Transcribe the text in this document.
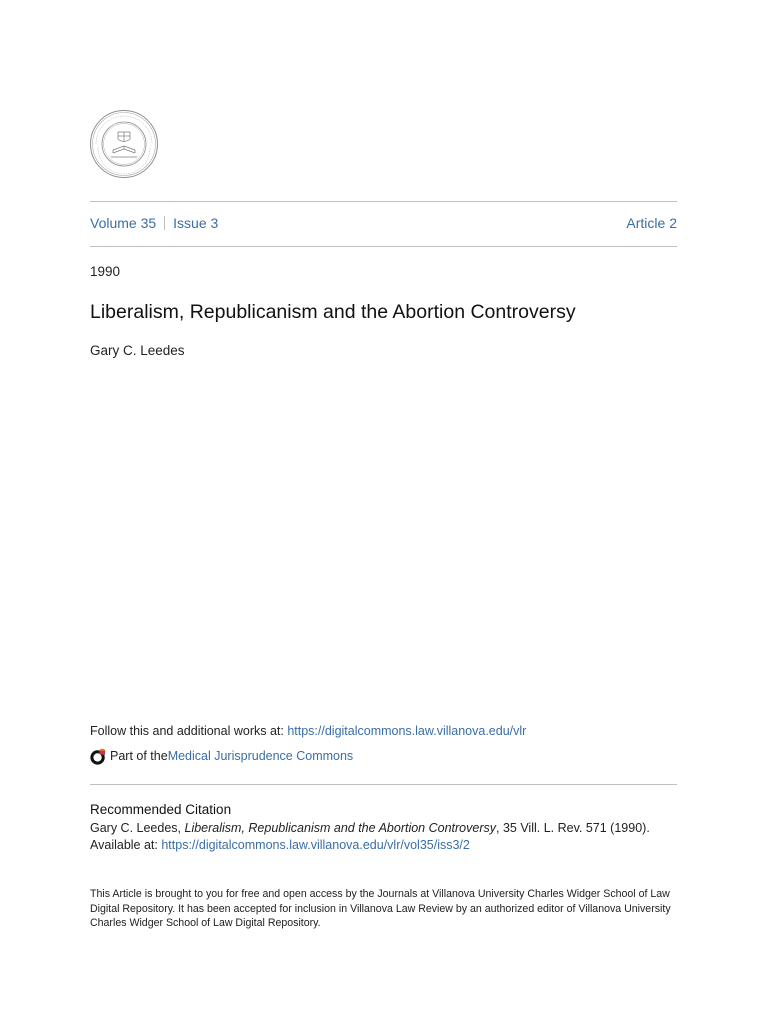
Volume 35 Issue 3	Article 2
1990
Liberalism, Republicanism and the Abortion Controversy
Gary C. Leedes
Follow this and additional works at: https://digitalcommons.law.villanova.edu/vlr
Part of the Medical Jurisprudence Commons
Recommended Citation
Gary C. Leedes, Liberalism, Republicanism and the Abortion Controversy, 35 Vill. L. Rev. 571 (1990).
Available at: https://digitalcommons.law.villanova.edu/vlr/vol35/iss3/2
This Article is brought to you for free and open access by the Journals at Villanova University Charles Widger School of Law Digital Repository. It has been accepted for inclusion in Villanova Law Review by an authorized editor of Villanova University Charles Widger School of Law Digital Repository.
